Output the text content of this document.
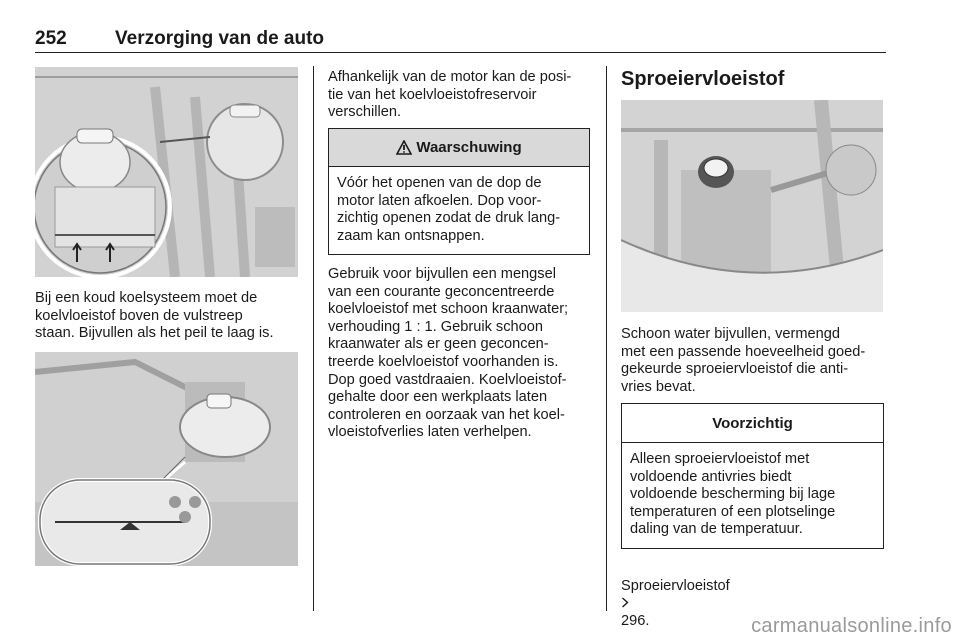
252	Verzorging van de auto

Bij een koud koelsysteem moet de
koelvloeistof boven de vulstreep
staan. Bijvullen als het peil te laag is.

Afhankelijk van de motor kan de posi-
tie van het koelvloeistofreservoir
verschillen.

Waarschuwing
Vóór het openen van de dop de
motor laten afkoelen. Dop voor-
zichtig openen zodat de druk lang-
zaam kan ontsnappen.

Gebruik voor bijvullen een mengsel
van een courante geconcentreerde
koelvloeistof met schoon kraanwater;
verhouding 1 : 1. Gebruik schoon
kraanwater als er geen geconcen-
treerde koelvloeistof voorhanden is.
Dop goed vastdraaien. Koelvloeistof-
gehalte door een werkplaats laten
controleren en oorzaak van het koel-
vloeistofverlies laten verhelpen.

Sproeiervloeistof

Schoon water bijvullen, vermengd
met een passende hoeveelheid goed-
gekeurde sproeiervloeistof die anti-
vries bevat.

Voorzichtig
Alleen sproeiervloeistof met
voldoende antivries biedt
voldoende bescherming bij lage
temperaturen of een plotselinge
daling van de temperatuur.

Sproeiervloeistof

296.	carmanualsonline.info
